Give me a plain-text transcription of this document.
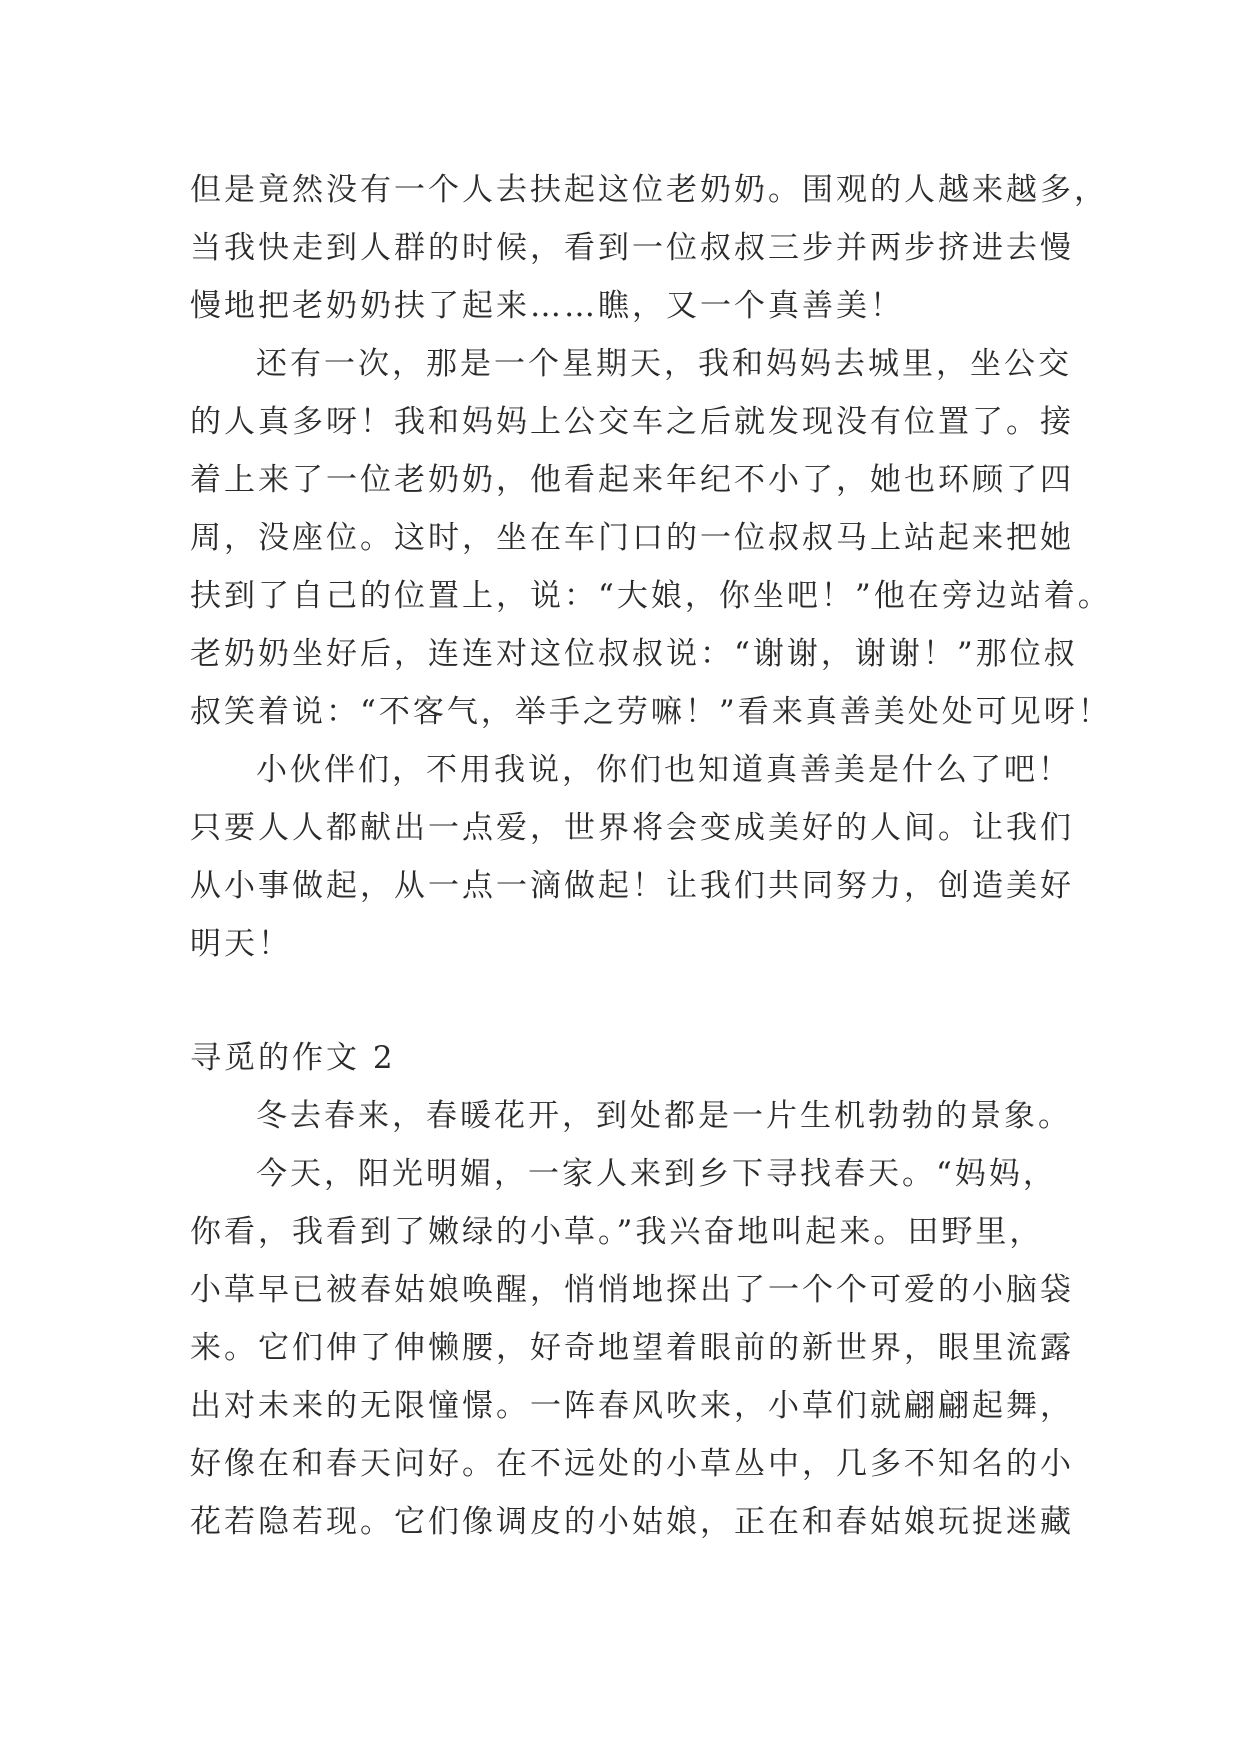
但是竟然没有一个人去扶起这位老奶奶。围观的人越来越多，
当我快走到人群的时候，看到一位叔叔三步并两步挤进去慢
慢地把老奶奶扶了起来……瞧，又一个真善美！
还有一次，那是一个星期天，我和妈妈去城里，坐公交
的人真多呀！我和妈妈上公交车之后就发现没有位置了。接
着上来了一位老奶奶，他看起来年纪不小了，她也环顾了四
周，没座位。这时，坐在车门口的一位叔叔马上站起来把她
扶到了自己的位置上，说：“大娘，你坐吧！”他在旁边站着。
老奶奶坐好后，连连对这位叔叔说：“谢谢，谢谢！”那位叔
叔笑着说：“不客气，举手之劳嘛！”看来真善美处处可见呀！
小伙伴们，不用我说，你们也知道真善美是什么了吧！
只要人人都献出一点爱，世界将会变成美好的人间。让我们
从小事做起，从一点一滴做起！让我们共同努力，创造美好
明天！
寻觅的作文 2
冬去春来，春暖花开，到处都是一片生机勃勃的景象。
今天，阳光明媚，一家人来到乡下寻找春天。“妈妈，
你看，我看到了嫩绿的小草。”我兴奋地叫起来。田野里，
小草早已被春姑娘唤醒，悄悄地探出了一个个可爱的小脑袋
来。它们伸了伸懒腰，好奇地望着眼前的新世界，眼里流露
出对未来的无限憧憬。一阵春风吹来，小草们就翩翩起舞，
好像在和春天问好。在不远处的小草丛中，几多不知名的小
花若隐若现。它们像调皮的小姑娘，正在和春姑娘玩捉迷藏
